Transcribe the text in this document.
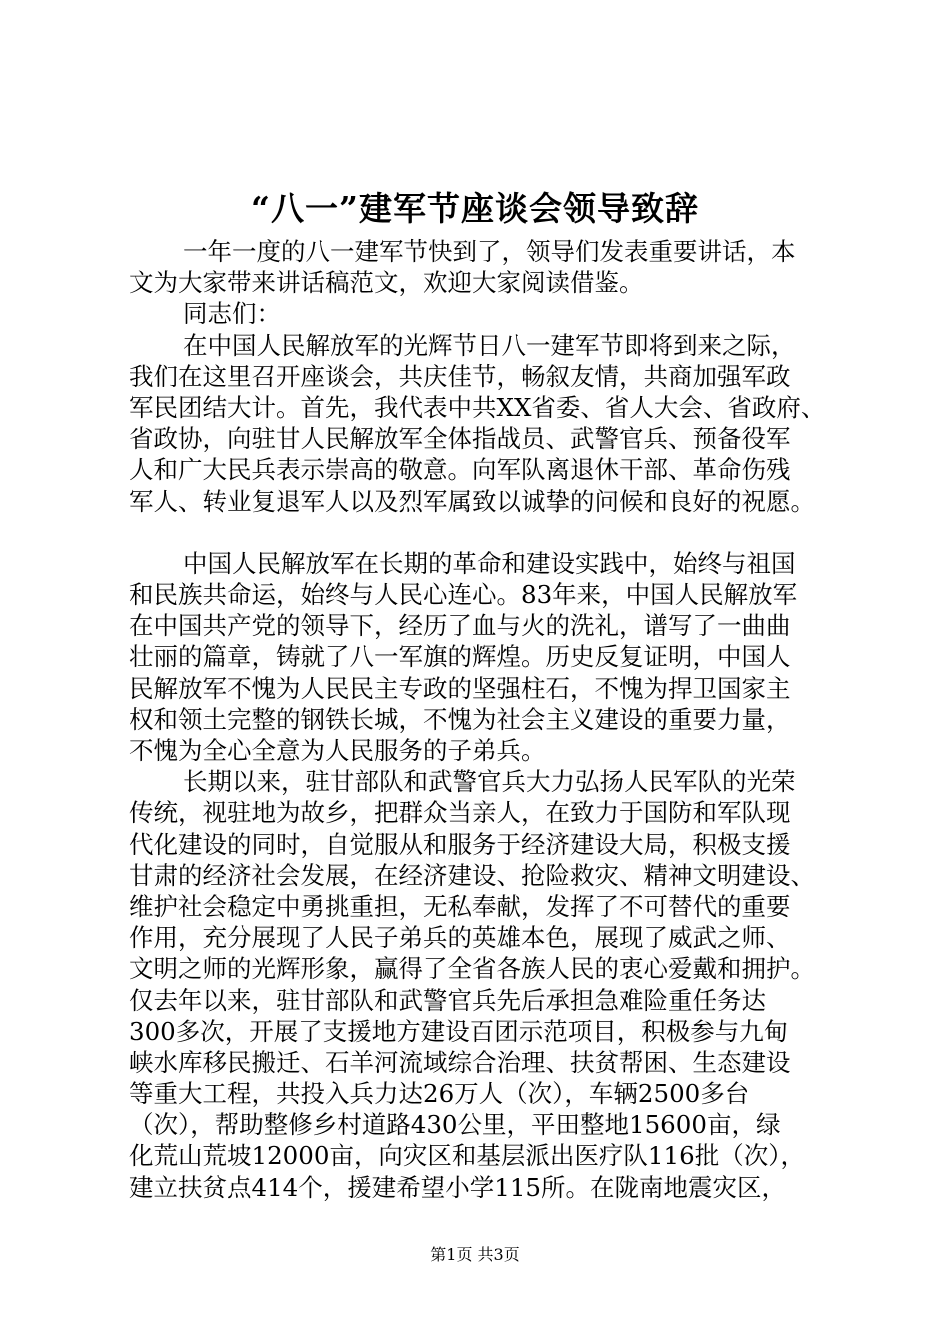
“八一”建军节座谈会领导致辞
一年一度的八一建军节快到了，领导们发表重要讲话，本
文为大家带来讲话稿范文，欢迎大家阅读借鉴。
同志们：
在中国人民解放军的光辉节日八一建军节即将到来之际，
我们在这里召开座谈会，共庆佳节，畅叙友情，共商加强军政
军民团结大计。首先，我代表中共XX省委、省人大会、省政府、
省政协，向驻甘人民解放军全体指战员、武警官兵、预备役军
人和广大民兵表示崇高的敬意。向军队离退休干部、革命伤残
军人、转业复退军人以及烈军属致以诚挚的问候和良好的祝愿。
中国人民解放军在长期的革命和建设实践中，始终与祖国
和民族共命运，始终与人民心连心。83年来，中国人民解放军
在中国共产党的领导下，经历了血与火的洗礼，谱写了一曲曲
壮丽的篇章，铸就了八一军旗的辉煌。历史反复证明，中国人
民解放军不愧为人民民主专政的坚强柱石，不愧为捍卫国家主
权和领土完整的钢铁长城，不愧为社会主义建设的重要力量，
不愧为全心全意为人民服务的子弟兵。
长期以来，驻甘部队和武警官兵大力弘扬人民军队的光荣
传统，视驻地为故乡，把群众当亲人，在致力于国防和军队现
代化建设的同时，自觉服从和服务于经济建设大局，积极支援
甘肃的经济社会发展，在经济建设、抢险救灾、精神文明建设、
维护社会稳定中勇挑重担，无私奉献，发挥了不可替代的重要
作用，充分展现了人民子弟兵的英雄本色，展现了威武之师、
文明之师的光辉形象，赢得了全省各族人民的衷心爱戴和拥护。
仅去年以来，驻甘部队和武警官兵先后承担急难险重任务达
300多次，开展了支援地方建设百团示范项目，积极参与九甸
峡水库移民搬迁、石羊河流域综合治理、扶贫帮困、生态建设
等重大工程，共投入兵力达26万人（次），车辆2500多台
（次），帮助整修乡村道路430公里，平田整地15600亩，绿
化荒山荒坡12000亩，向灾区和基层派出医疗队116批（次），
建立扶贫点414个，援建希望小学115所。在陇南地震灾区，
第1页 共3页
